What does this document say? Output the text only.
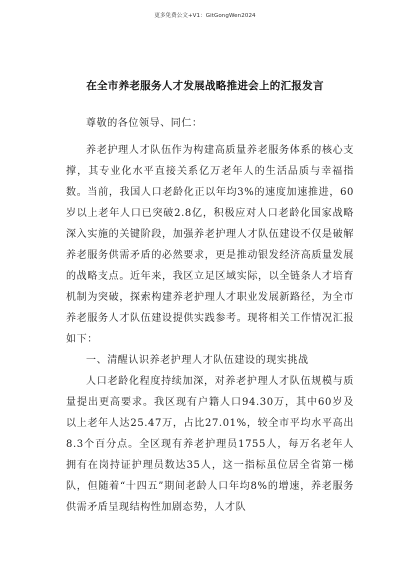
更多免费公文+V1：GitGongWen2024
在全市养老服务人才发展战略推进会上的汇报发言

尊敬的各位领导、同仁：

养老护理人才队伍作为构建高质量养老服务体系的核心支撑，其专业化水平直接关系亿万老年人的生活品质与幸福指数。当前，我国人口老龄化正以年均3%的速度加速推进，60岁以上老年人口已突破2.8亿，积极应对人口老龄化国家战略深入实施的关键阶段，加强养老护理人才队伍建设不仅是破解养老服务供需矛盾的必然要求，更是推动银发经济高质量发展的战略支点。近年来，我区立足区域实际，以全链条人才培育机制为突破，探索构建养老护理人才职业发展新路径，为全市养老服务人才队伍建设提供实践参考。现将相关工作情况汇报如下：

一、清醒认识养老护理人才队伍建设的现实挑战

人口老龄化程度持续加深，对养老护理人才队伍规模与质量提出更高要求。我区现有户籍人口94.30万，其中60岁及以上老年人达25.47万，占比27.01%，较全市平均水平高出8.3个百分点。全区现有养老护理员1755人，每万名老年人拥有在岗持证护理员数达35人，这一指标虽位居全省第一梯队，但随着“十四五”期间老龄人口年均8%的增速，养老服务供需矛盾呈现结构性加剧态势，人才队
